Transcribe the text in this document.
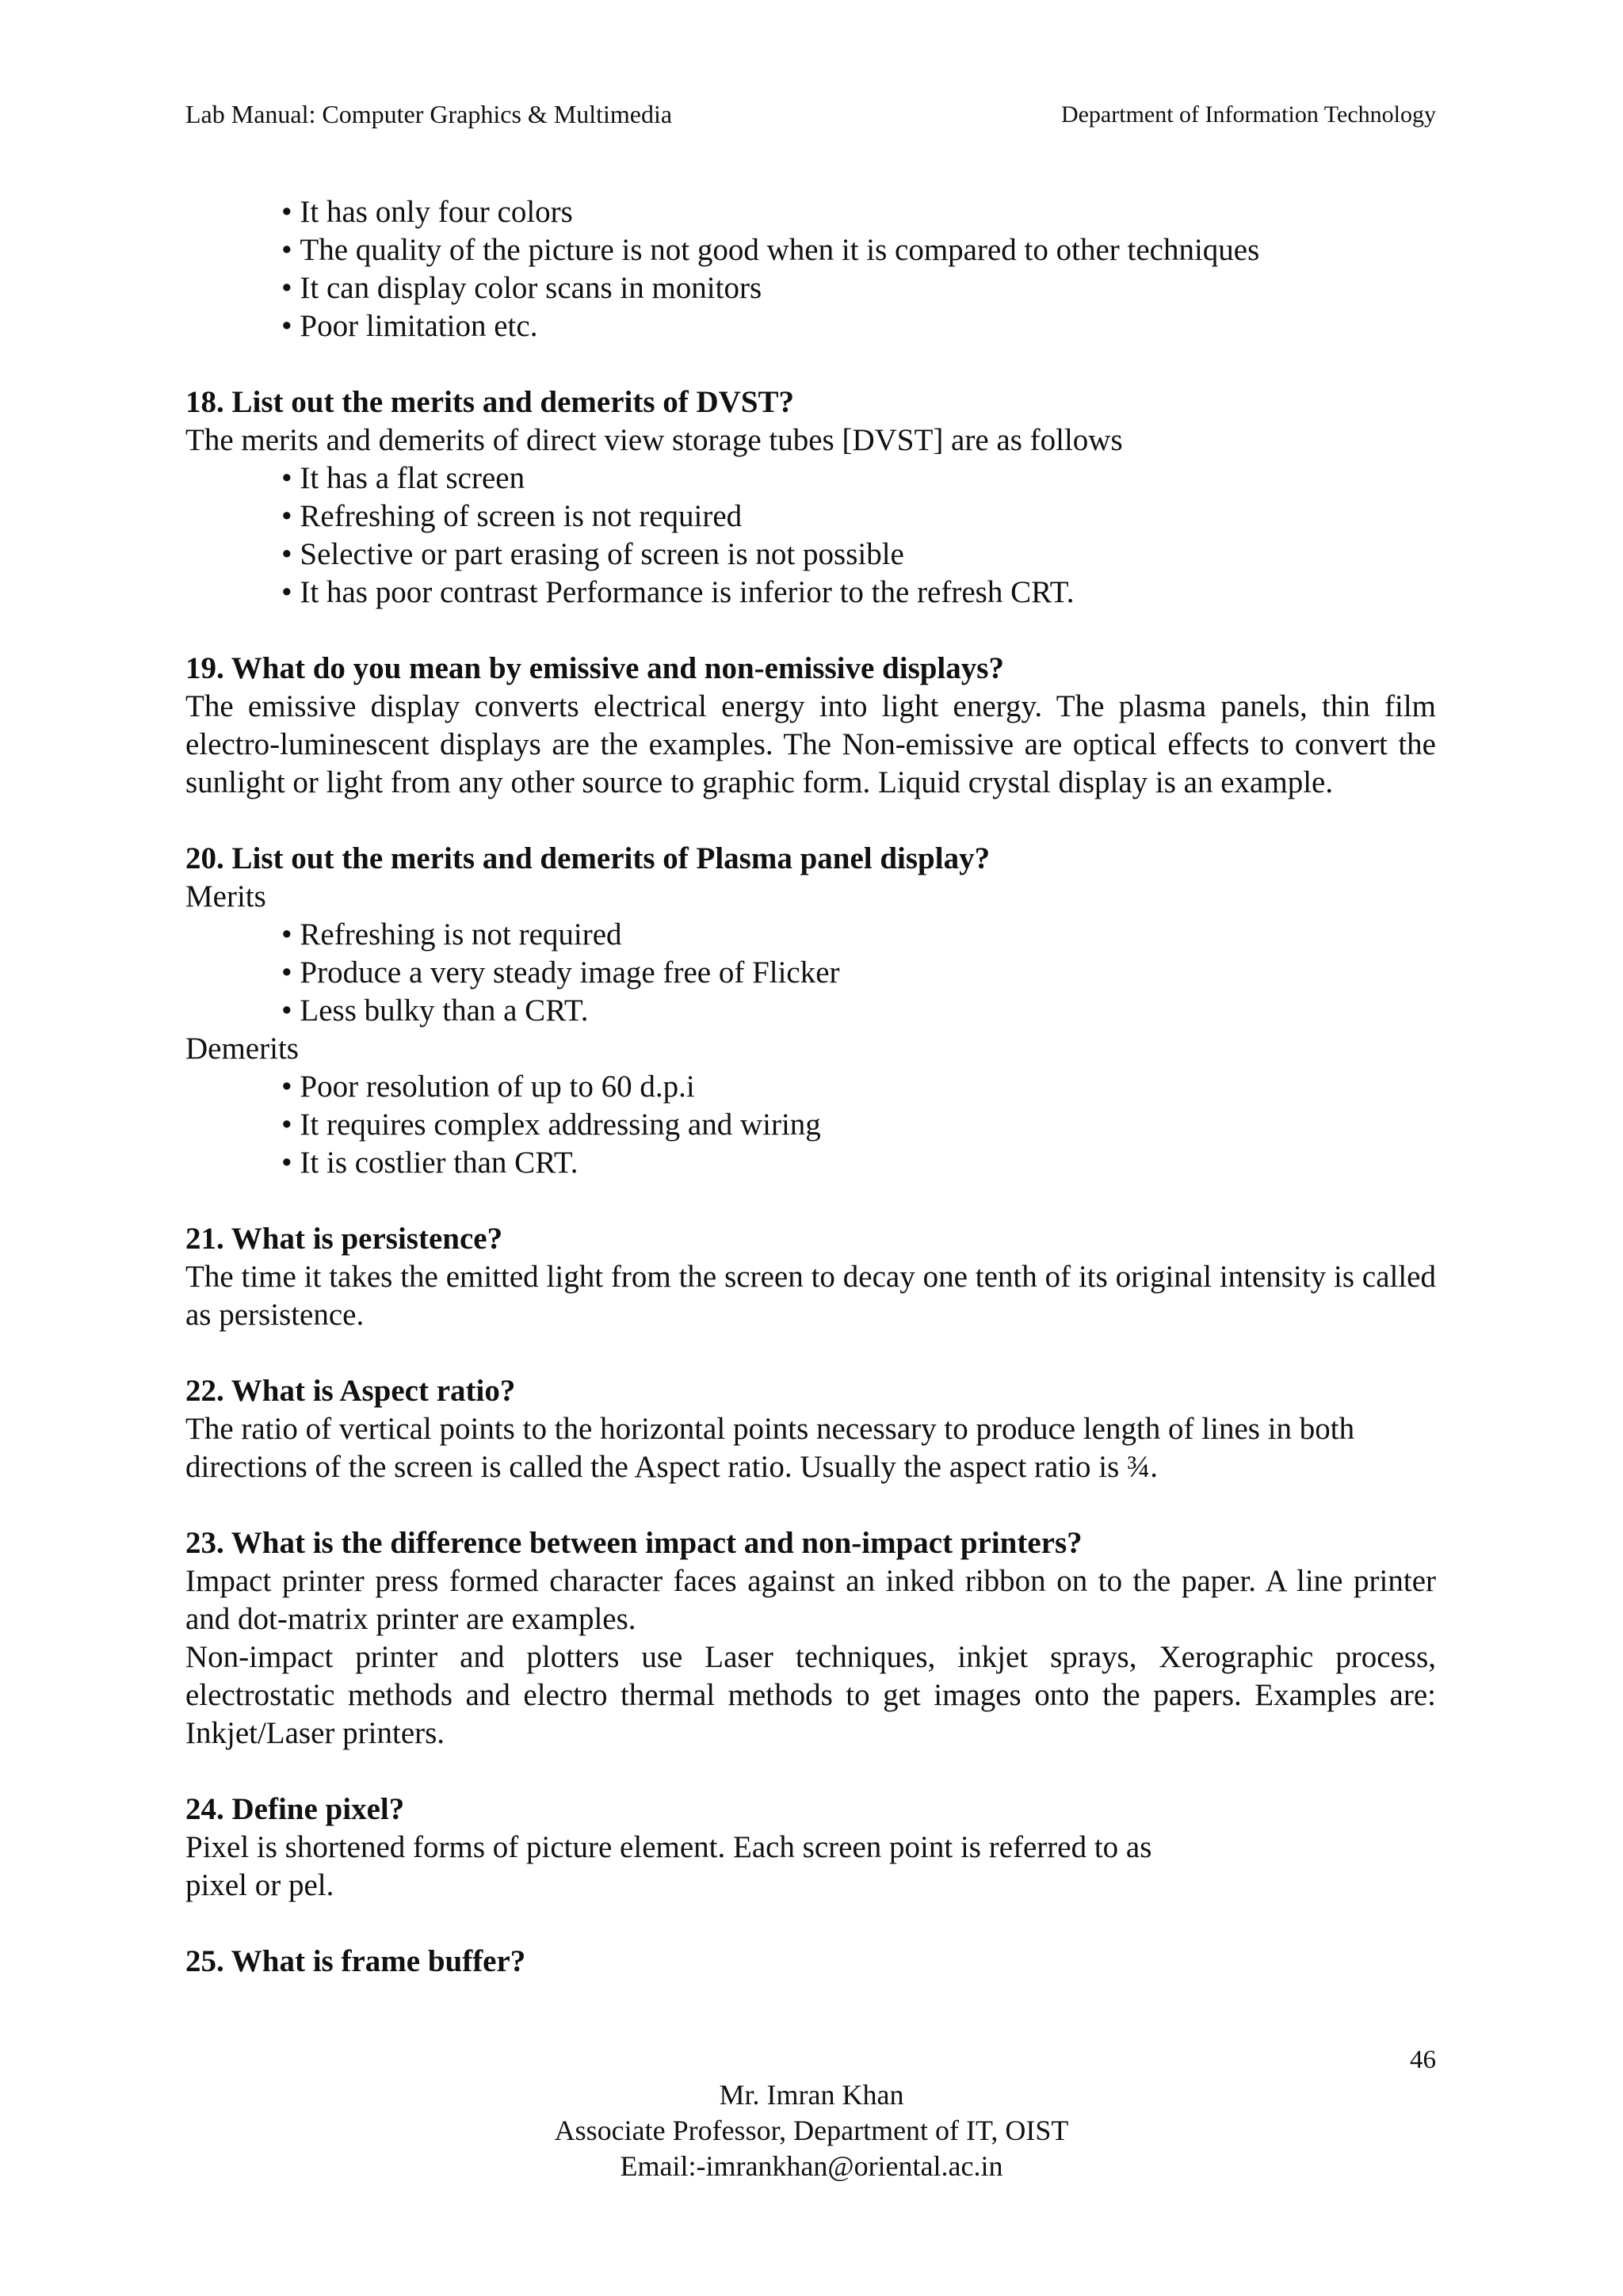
Lab Manual: Computer Graphics & Multimedia	Department of Information Technology
• It has only four colors
• The quality of the picture is not good when it is compared to other techniques
• It can display color scans in monitors
• Poor limitation etc.

18. List out the merits and demerits of DVST?

The merits and demerits of direct view storage tubes [DVST] are as follows

• It has a flat screen
• Refreshing of screen is not required
• Selective or part erasing of screen is not possible
• It has poor contrast Performance is inferior to the refresh CRT.

19. What do you mean by emissive and non-emissive displays?

The emissive display converts electrical energy into light energy. The plasma panels, thin film electro-luminescent displays are the examples. The Non-emissive are optical effects to convert the sunlight or light from any other source to graphic form. Liquid crystal display is an example.

20. List out the merits and demerits of Plasma panel display?

Merits

• Refreshing is not required
• Produce a very steady image free of Flicker
• Less bulky than a CRT.

Demerits

• Poor resolution of up to 60 d.p.i
• It requires complex addressing and wiring
• It is costlier than CRT.

21. What is persistence?

The time it takes the emitted light from the screen to decay one tenth of its original intensity is called as persistence.

22. What is Aspect ratio?

The ratio of vertical points to the horizontal points necessary to produce length of lines in both directions of the screen is called the Aspect ratio. Usually the aspect ratio is ¾.

23. What is the difference between impact and non-impact printers?

Impact printer press formed character faces against an inked ribbon on to the paper. A line printer and dot-matrix printer are examples.

Non-impact printer and plotters use Laser techniques, inkjet sprays, Xerographic process, electrostatic methods and electro thermal methods to get images onto the papers. Examples are: Inkjet/Laser printers.

24. Define pixel?

Pixel is shortened forms of picture element. Each screen point is referred to as

pixel or pel.

25. What is frame buffer?

46
Mr. Imran Khan
Associate Professor, Department of IT, OIST
Email:-imrankhan@oriental.ac.in
